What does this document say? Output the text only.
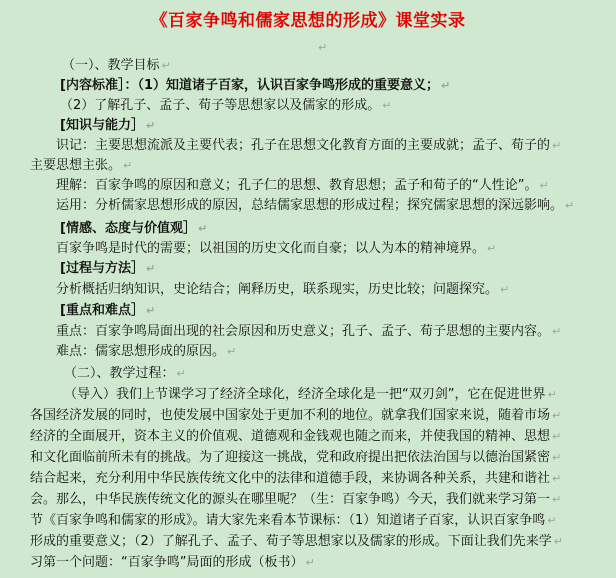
《百家争鸣和儒家思想的形成》课堂实录
↵
（一）、教学目标 ↵
[内容标准］：（1）知道诸子百家，认识百家争鸣形成的重要意义； ↵
（2）了解孔子、孟子、荀子等思想家以及儒家的形成。 ↵
[知识与能力］ ↵
识记：主要思想流派及主要代表；孔子在思想文化教育方面的主要成就；孟子、荀子的 ↵
主要思想主张。 ↵
理解：百家争鸣的原因和意义；孔子仁的思想、教育思想；孟子和荀子的“人性论”。 ↵
运用：分析儒家思想形成的原因，总结儒家思想的形成过程；探究儒家思想的深远影响。 ↵
[情感、态度与价值观］ ↵
百家争鸣是时代的需要；以祖国的历史文化而自豪；以人为本的精神境界。 ↵
[过程与方法］ ↵
分析概括归纳知识，史论结合；阐释历史，联系现实，历史比较；问题探究。 ↵
[重点和难点］ ↵
重点：百家争鸣局面出现的社会原因和历史意义；孔子、孟子、荀子思想的主要内容。 ↵
难点：儒家思想形成的原因。 ↵
（二）、教学过程： ↵
（导入）我们上节课学习了经济全球化，经济全球化是一把“双刃剑”，它在促进世界 ↵
各国经济发展的同时，也使发展中国家处于更加不利的地位。就拿我们国家来说，随着市场 ↵
经济的全面展开，资本主义的价值观、道德观和金钱观也随之而来，并使我国的精神、思想 ↵
和文化面临前所未有的挑战。为了迎接这一挑战，党和政府提出把依法治国与以德治国紧密 ↵
结合起来，充分利用中华民族传统文化中的法律和道德手段，来协调各种关系，共建和谐社 ↵
会。那么，中华民族传统文化的源头在哪里呢？（生：百家争鸣）今天，我们就来学习第一 ↵
节《百家争鸣和儒家的形成》。请大家先来看本节课标：（1）知道诸子百家，认识百家争鸣 ↵
形成的重要意义；（2）了解孔子、孟子、荀子等思想家以及儒家的形成。下面让我们先来学 ↵
习第一个问题：“百家争鸣”局面的形成（板书） ↵
